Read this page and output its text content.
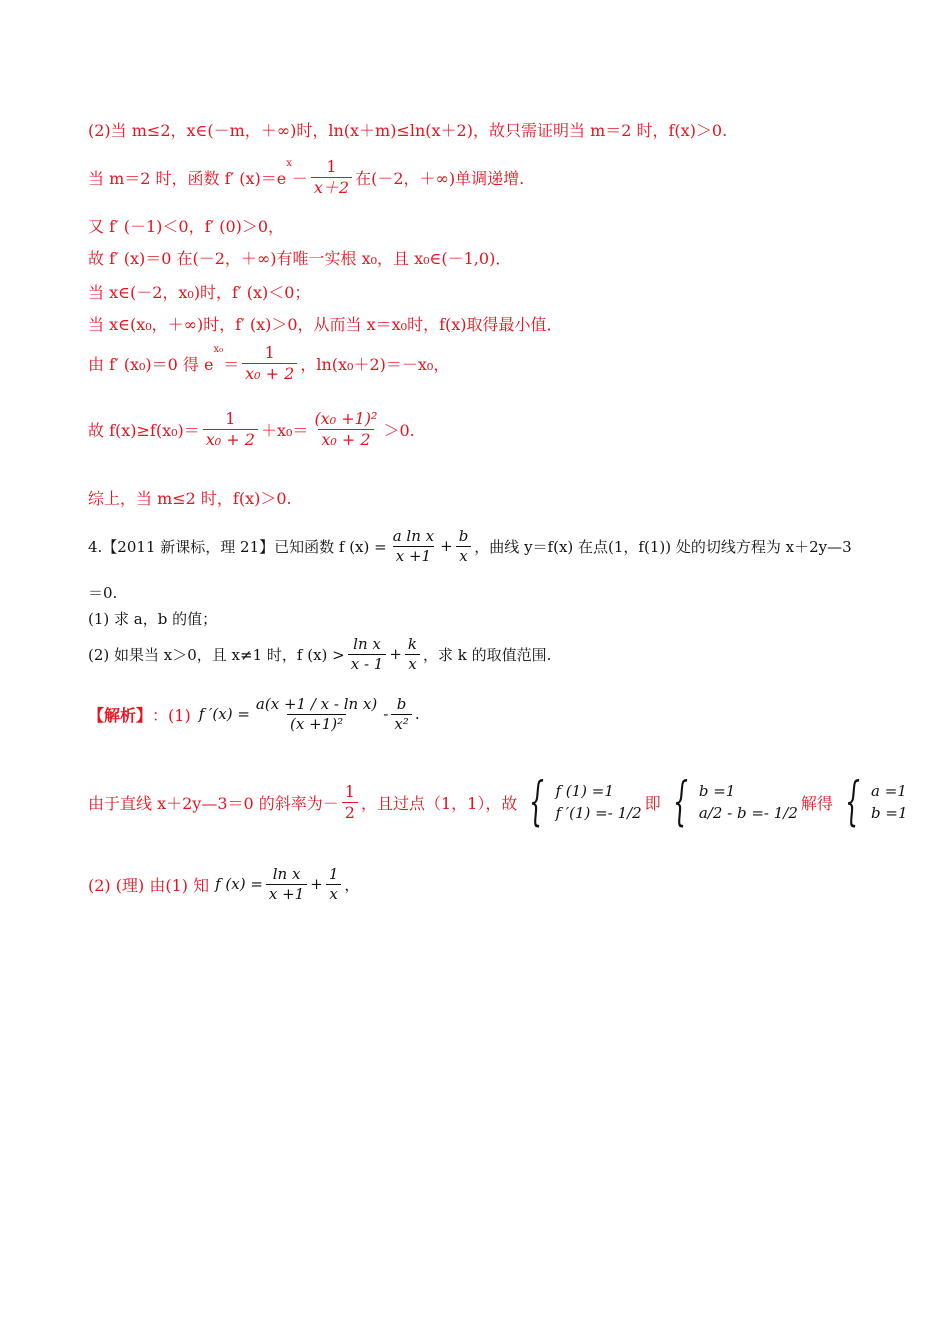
(2)当 m≤2，x∈(－m，＋∞)时，ln(x＋m)≤ln(x＋2)，故只需证明当 m＝2 时，f(x)＞0.
当 m＝2 时，函数 f′ (x)＝e
$^x$
－ $\frac{1}{x+2}$ 在(－2，＋∞)单调递增.
又 f′ (－1)＜0，f′ (0)＞0，
故 f′ (x)＝0 在(－2，＋∞)有唯一实根 x₀，且 x₀∈(－1,0)．
当 x∈(－2，x₀)时，f′ (x)＜0；
当 x∈(x₀，＋∞)时，f′ (x)＞0，从而当 x＝x₀时，f(x)取得最小值．
由 f′ (x₀)＝0 得 e
$^{x_0}$
＝ $\frac{1}{\text{x₀ + 2}}$ ，ln(x₀＋2)＝－x₀，
故 $f(x)\ge f(x_0)= \frac{1}{\text{x₀ + 2}} +x_0= \frac{\text{(x₀ +1)²}}{\text{x₀ + 2}} >0$.
综上，当 m≤2 时，f(x)＞0.
4.【2011 新课标，理 21】已知函数 f $(x) = \frac{\text{a ln x}}{x +1} + \frac{b}{x}$ ，曲线 y＝f(x) 在点(1，f(1)) 处的切线方程为 x＋2y—3
＝0.
(1) 求 a，b 的值；
(2) 如果当 x＞0，且 x≠1 时，f $(x) > \frac{\text{ln x}}{x - 1} + \frac{k}{x}$ ，求 k 的取值范围.
【解析】 ：(1) f $'(x) = \frac{\text{a(x +1 / x - ln x)}}{\text{(x +1)²}} - \frac{b}{\text{x²}}$ .
由于直线 x＋2y—3＝0 的斜率为－ $\frac{1}{2}$ ，且过点（1，1），故 { f (1) =1
f ′(1) =- 1/2
即 { b =1
a/2 - b =- 1/2
解得 { a =1
b =1
(2) (理) 由(1) 知 f $(x) = \frac{\text{ln x}}{x +1} + \frac{1}{x}$ ，
